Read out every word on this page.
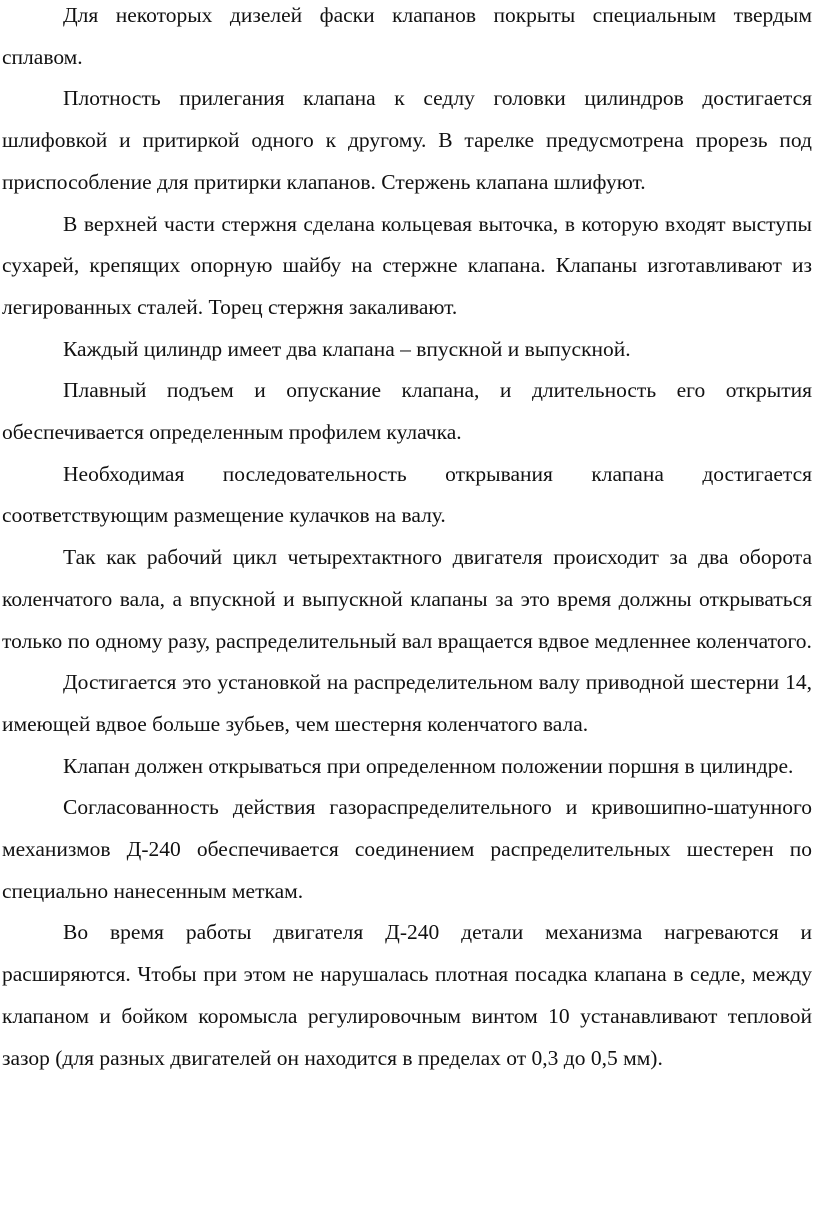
Для некоторых дизелей фаски клапанов покрыты специальным твердым сплавом.

Плотность прилегания клапана к седлу головки цилиндров достигается шлифовкой и притиркой одного к другому. В тарелке предусмотрена прорезь под приспособление для притирки клапанов. Стержень клапана шлифуют.

В верхней части стержня сделана кольцевая выточка, в которую входят выступы сухарей, крепящих опорную шайбу на стержне клапана. Клапаны изготавливают из легированных сталей. Торец стержня закаливают.

Каждый цилиндр имеет два клапана – впускной и выпускной.

Плавный подъем и опускание клапана, и длительность его открытия обеспечивается определенным профилем кулачка.

Необходимая последовательность открывания клапана достигается соответствующим размещение кулачков на валу.

Так как рабочий цикл четырехтактного двигателя происходит за два оборота коленчатого вала, а впускной и выпускной клапаны за это время должны открываться только по одному разу, распределительный вал вращается вдвое медленнее коленчатого.

Достигается это установкой на распределительном валу приводной шестерни 14, имеющей вдвое больше зубьев, чем шестерня коленчатого вала.

Клапан должен открываться при определенном положении поршня в цилиндре.

Согласованность действия газораспределительного и кривошипно-шатунного механизмов Д-240 обеспечивается соединением распределительных шестерен по специально нанесенным меткам.

Во время работы двигателя Д-240 детали механизма нагреваются и расширяются. Чтобы при этом не нарушалась плотная посадка клапана в седле, между клапаном и бойком коромысла регулировочным винтом 10 устанавливают тепловой зазор (для разных двигателей он находится в пределах от 0,3 до 0,5 мм).
